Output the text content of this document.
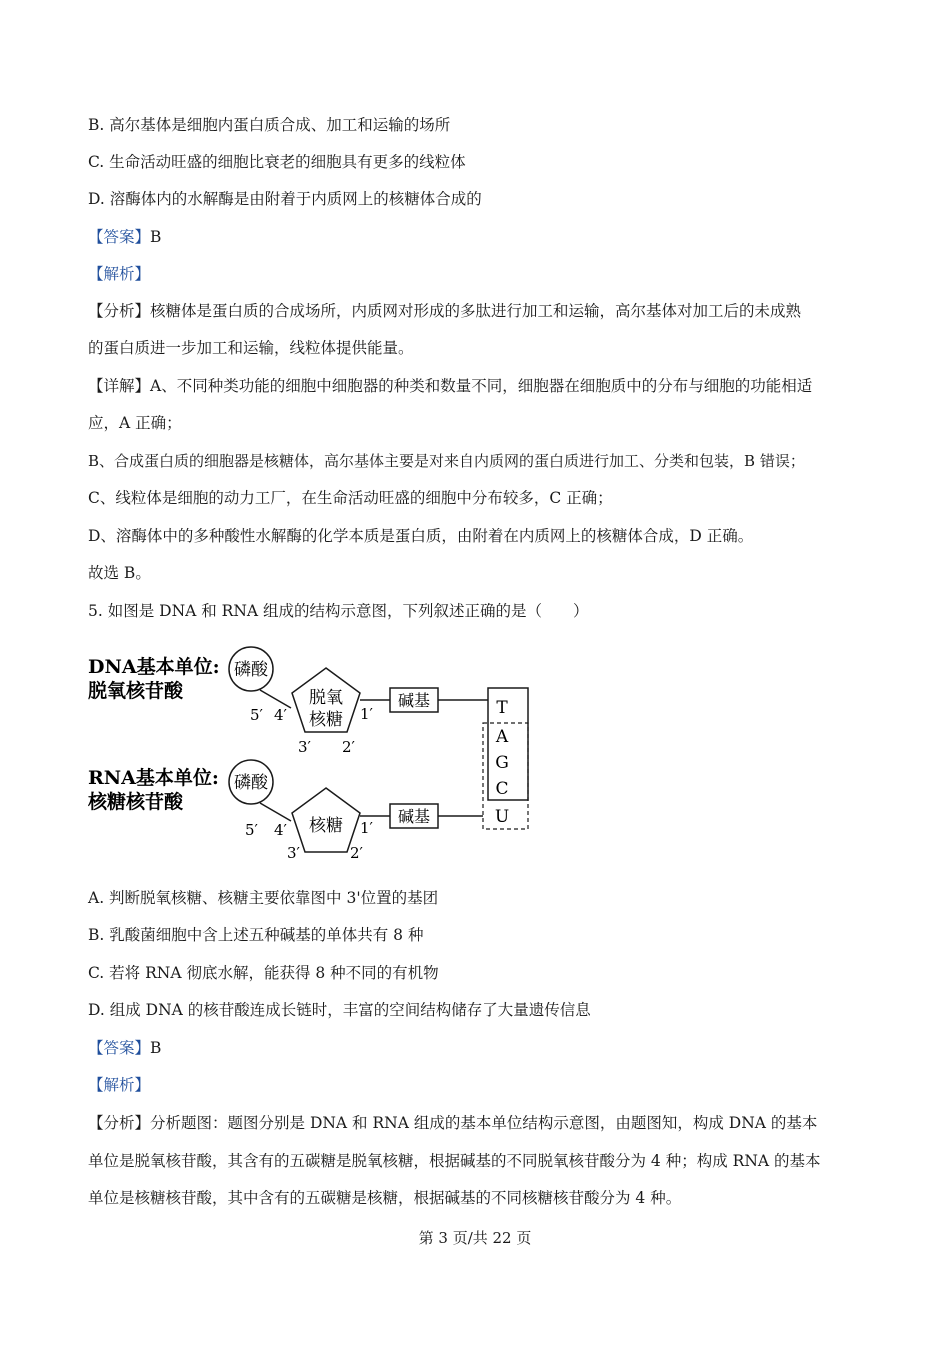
B. 高尔基体是细胞内蛋白质合成、加工和运输的场所
C. 生命活动旺盛的细胞比衰老的细胞具有更多的线粒体
D. 溶酶体内的水解酶是由附着于内质网上的核糖体合成的
【答案】B
【解析】
【分析】核糖体是蛋白质的合成场所，内质网对形成的多肽进行加工和运输，高尔基体对加工后的未成熟
的蛋白质进一步加工和运输，线粒体提供能量。
【详解】A、不同种类功能的细胞中细胞器的种类和数量不同，细胞器在细胞质中的分布与细胞的功能相适
应，A 正确；
B、合成蛋白质的细胞器是核糖体，高尔基体主要是对来自内质网的蛋白质进行加工、分类和包装，B 错误；
C、线粒体是细胞的动力工厂，在生命活动旺盛的细胞中分布较多，C 正确；
D、溶酶体中的多种酸性水解酶的化学本质是蛋白质，由附着在内质网上的核糖体合成，D 正确。
故选 B。
5. 如图是 DNA 和 RNA 组成的结构示意图，下列叙述正确的是（　　）
DNA基本单位:
脱氧核苷酸
磷酸
脱氧
核糖
5′ 4′	1′
3′ 2′
碱基
RNA基本单位:
核糖核苷酸
磷酸
核糖
5′ 4′	1′
3′	2′
碱基
T
A
G
C
U
A. 判断脱氧核糖、核糖主要依靠图中 3'位置的基团
B. 乳酸菌细胞中含上述五种碱基的单体共有 8 种
C. 若将 RNA 彻底水解，能获得 8 种不同的有机物
D. 组成 DNA 的核苷酸连成长链时，丰富的空间结构储存了大量遗传信息
【答案】B
【解析】
【分析】分析题图：题图分别是 DNA 和 RNA 组成的基本单位结构示意图，由题图知，构成 DNA 的基本
单位是脱氧核苷酸，其含有的五碳糖是脱氧核糖，根据碱基的不同脱氧核苷酸分为 4 种；构成 RNA 的基本
单位是核糖核苷酸，其中含有的五碳糖是核糖，根据碱基的不同核糖核苷酸分为 4 种。
第 3 页/共 22 页
